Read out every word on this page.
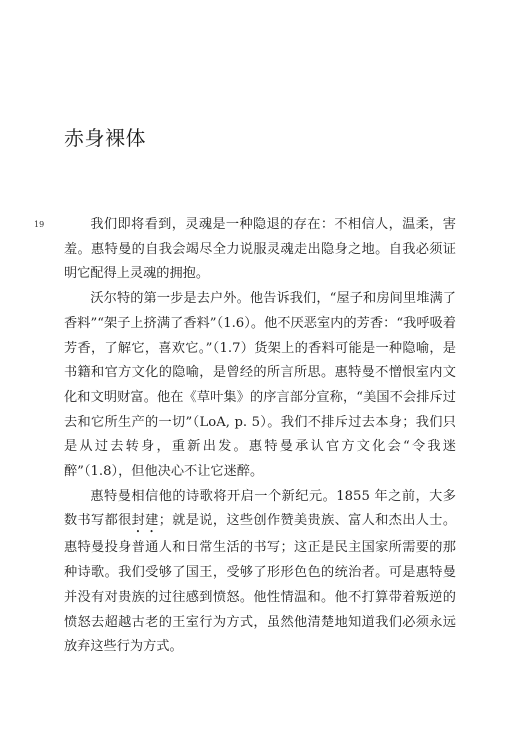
赤身裸体
19	我们即将看到，灵魂是一种隐退的存在：不相信人，温柔，害羞。惠特曼的自我会竭尽全力说服灵魂走出隐身之地。自我必须证明它配得上灵魂的拥抱。

沃尔特的第一步是去户外。他告诉我们，“屋子和房间里堆满了香料”“架子上挤满了香料”（1.6）。他不厌恶室内的芳香：“我呼吸着芳香，了解它，喜欢它。”（1.7）货架上的香料可能是一种隐喻，是书籍和官方文化的隐喻，是曾经的所言所思。惠特曼不憎恨室内文化和文明财富。他在《草叶集》的序言部分宣称，“美国不会排斥过去和它所生产的一切”（LoA, p. 5）。我们不排斥过去本身；我们只是从过去转身，重新出发。惠特曼承认官方文化会“令我迷醉”（1.8），但他决心不让它迷醉。

惠特曼相信他的诗歌将开启一个新纪元。1855 年之前，大多数书写都很封建；就是说，这些创作赞美贵族、富人和杰出人士。惠特曼投身普通人和日常生活的书写；这正是民主国家所需要的那种诗歌。我们受够了国王，受够了形形色色的统治者。可是惠特曼并没有对贵族的过往感到愤怒。他性情温和。他不打算带着叛逆的愤怒去超越古老的王室行为方式，虽然他清楚地知道我们必须永远放弃这些行为方式。
